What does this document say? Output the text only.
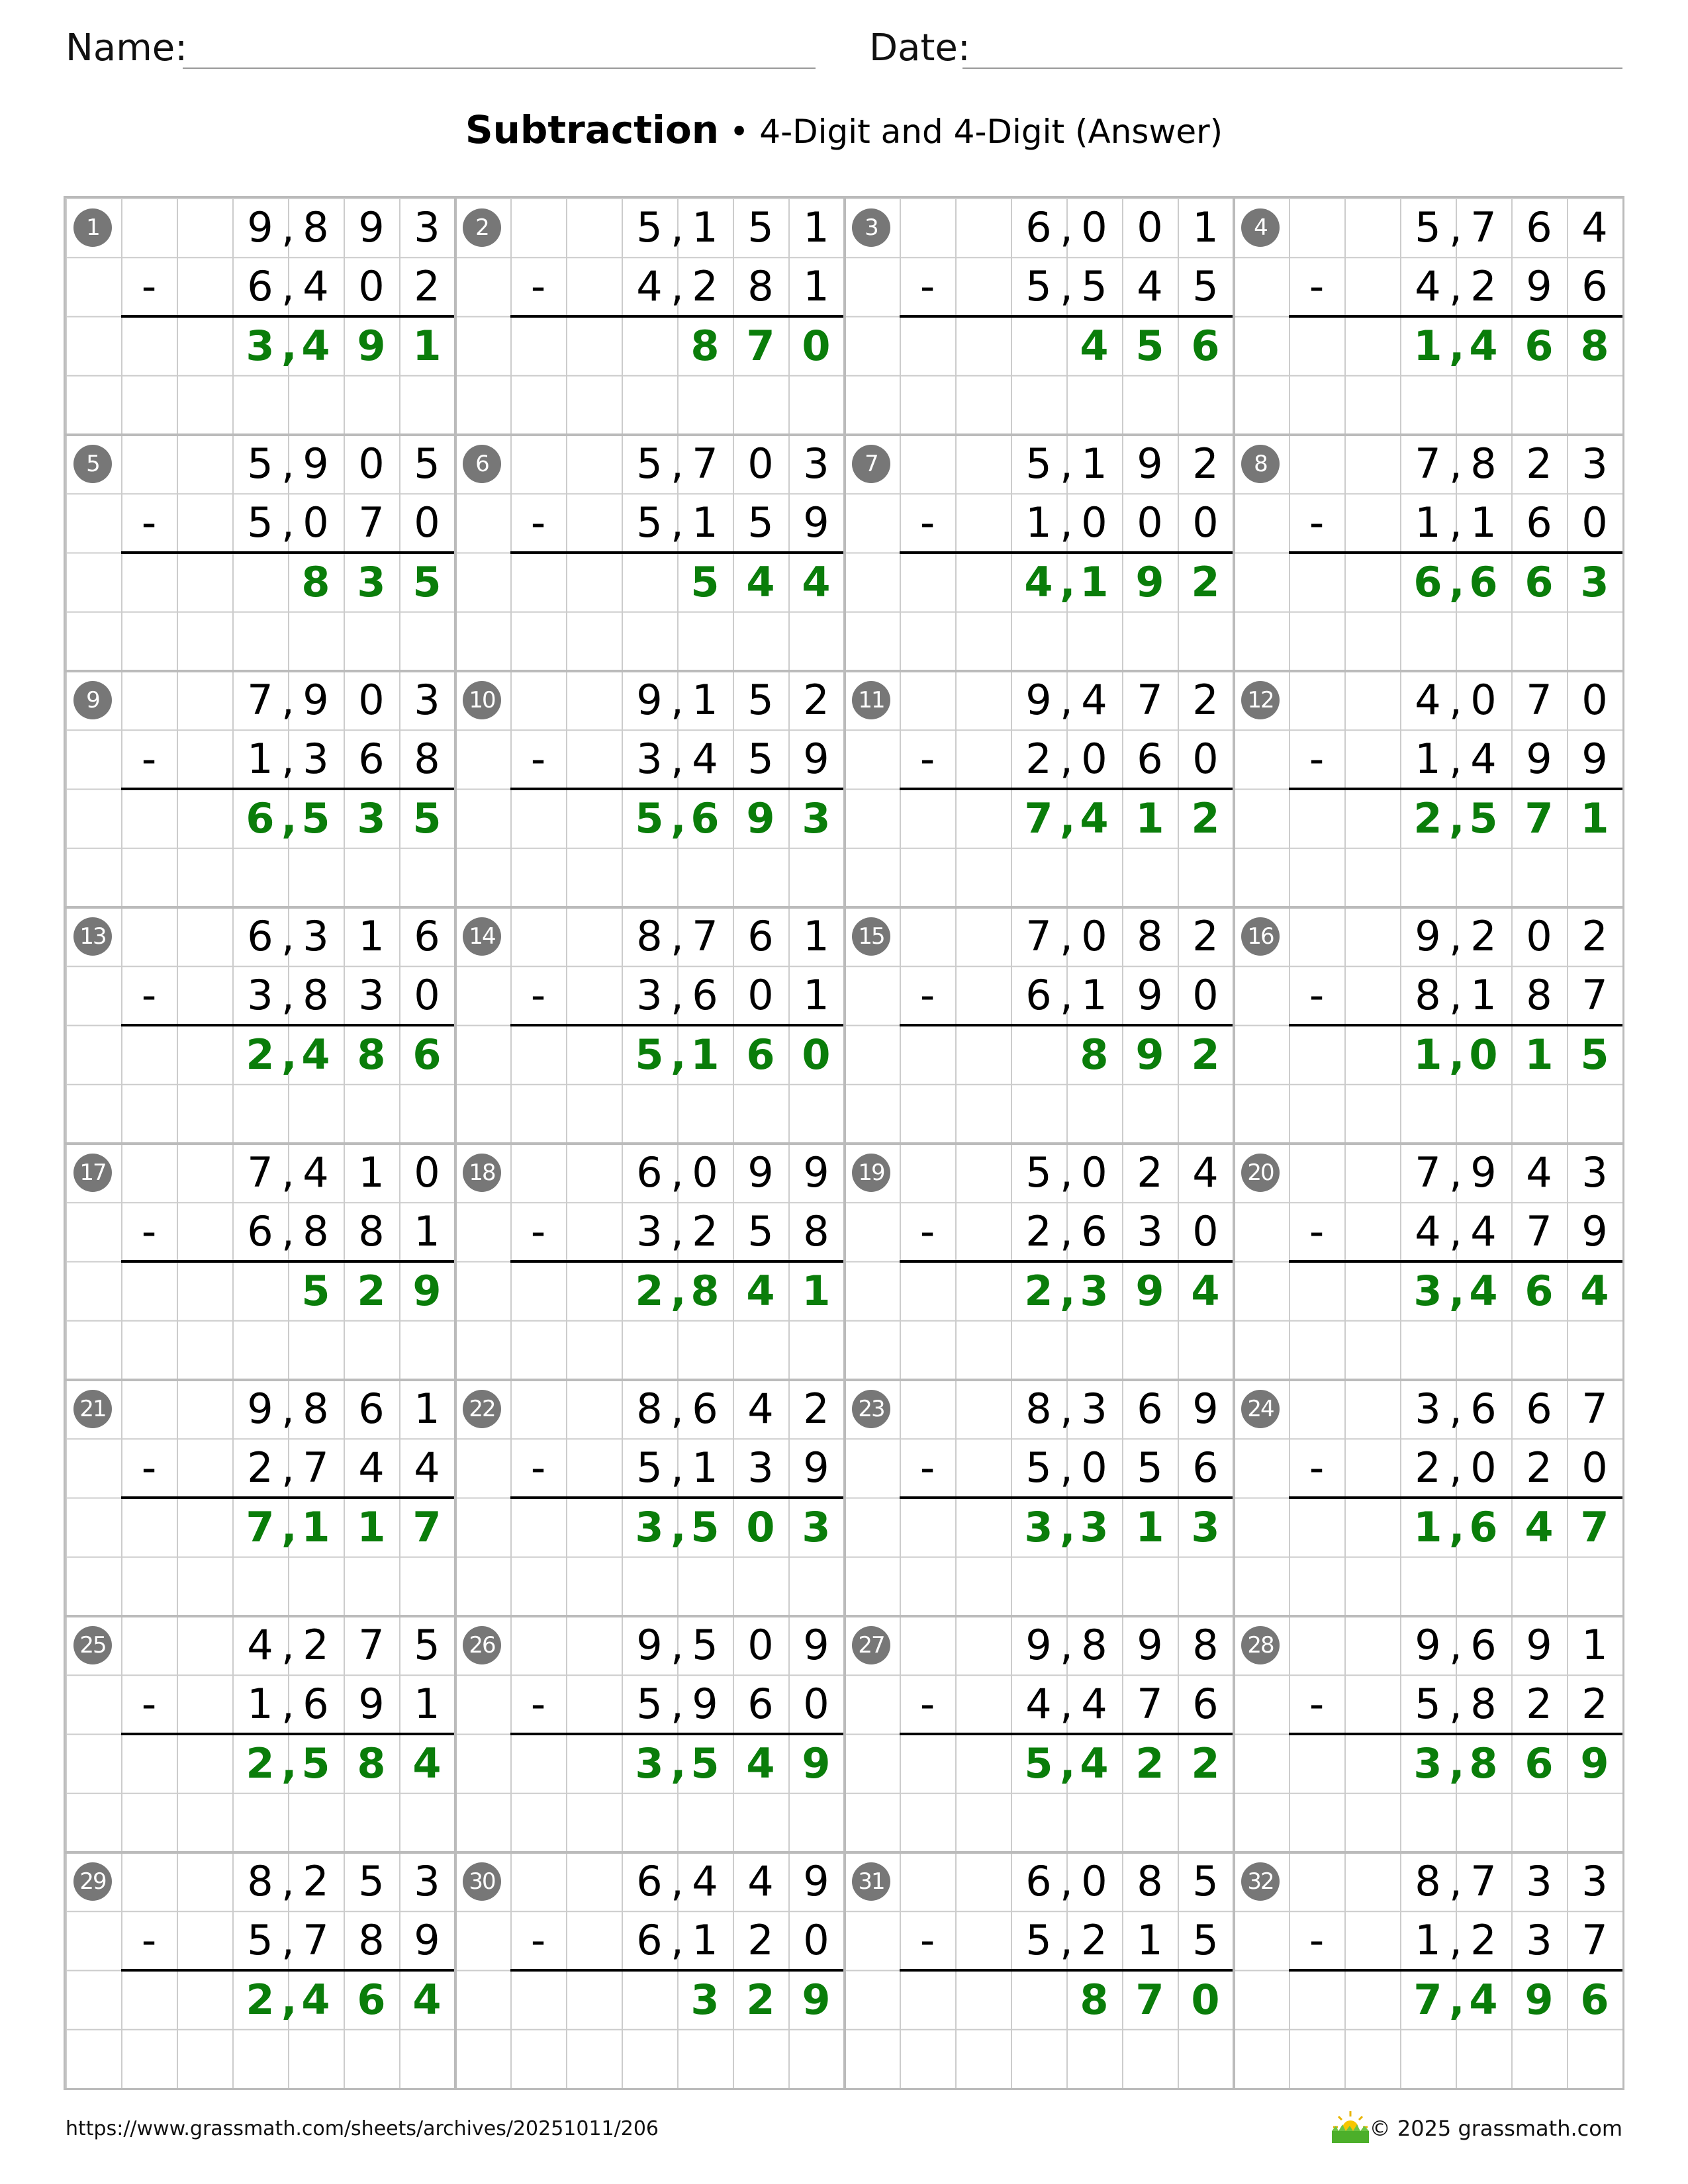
Name:	Date:
Subtraction • 4-Digit and 4-Digit (Answer)
1	9 8 9 3
,
6 4 0 2
,
-
3 4 9 1
,
2	5 1 5 1
,
4 2 8 1
,
-
8 7 0
3	6 0 0 1
,
5 5 4 5
,
-
4 5 6
4	5 7 6 4
,
4 2 9 6
,
-
1 4 6 8
,
5	5 9 0 5
,
5 0 7 0
,
-
8 3 5
6	5 7 0 3
,
5 1 5 9
,
-
5 4 4
7	5 1 9 2
,
1 0 0 0
,
-
4 1 9 2
,
8	7 8 2 3
,
1 1 6 0
,
-
6 6 6 3
,
9	7 9 0 3
,
1 3 6 8
,
-
6 5 3 5
,
10	9 1 5 2
,
3 4 5 9
,
-
5 6 9 3
,
11	9 4 7 2
,
2 0 6 0
,
-
7 4 1 2
,
12	4 0 7 0
,
1 4 9 9
,
-
2 5 7 1
,
13	6 3 1 6
,
3 8 3 0
,
-
2 4 8 6
,
14	8 7 6 1
,
3 6 0 1
,
-
5 1 6 0
,
15	7 0 8 2
,
6 1 9 0
,
-
8 9 2
16	9 2 0 2
,
8 1 8 7
,
-
1 0 1 5
,
17	7 4 1 0
,
6 8 8 1
,
-
5 2 9
18	6 0 9 9
,
3 2 5 8
,
-
2 8 4 1
,
19	5 0 2 4
,
2 6 3 0
,
-
2 3 9 4
,
20	7 9 4 3
,
4 4 7 9
,
-
3 4 6 4
,
21	9 8 6 1
,
2 7 4 4
,
-
7 1 1 7
,
22	8 6 4 2
,
5 1 3 9
,
-
3 5 0 3
,
23	8 3 6 9
,
5 0 5 6
,
-
3 3 1 3
,
24	3 6 6 7
,
2 0 2 0
,
-
1 6 4 7
,
25	4 2 7 5
,
1 6 9 1
,
-
2 5 8 4
,
26	9 5 0 9
,
5 9 6 0
,
-
3 5 4 9
,
27	9 8 9 8
,
4 4 7 6
,
-
5 4 2 2
,
28	9 6 9 1
,
5 8 2 2
,
-
3 8 6 9
,
29	8 2 5 3
,
5 7 8 9
,
-
2 4 6 4
,
30	6 4 4 9
,
6 1 2 0
,
-
3 2 9
31	6 0 8 5
,
5 2 1 5
,
-
8 7 0
32	8 7 3 3
,
1 2 3 7
,
-
7 4 9 6
,
https://www.grassmath.com/sheets/archives/20251011/206	© 2025 grassmath.com
